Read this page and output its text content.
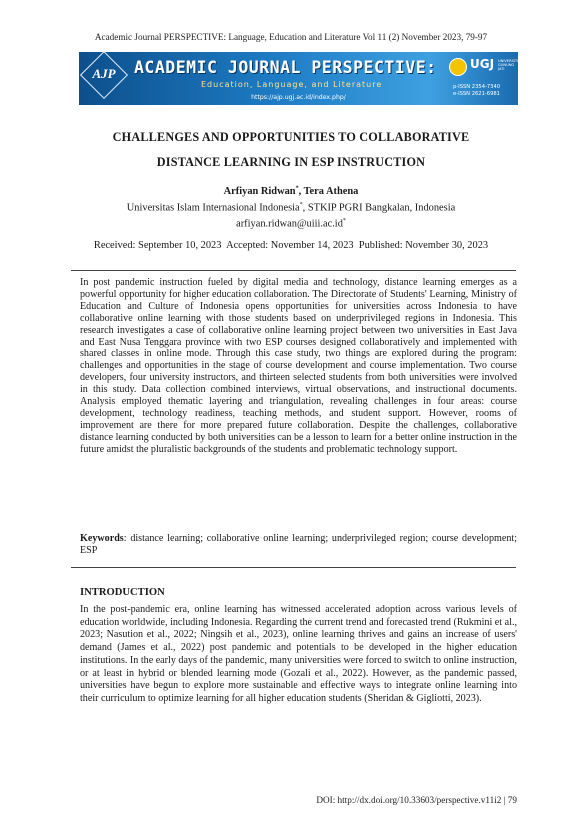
Academic Journal PERSPECTIVE: Language, Education and Literature Vol 11 (2) November 2023, 79-97
AJP ACADEMIC JOURNAL PERSPECTIVE:
Education, Language, and Literature
https://ajp.ugj.ac.id/index.php/
UGJ UNIVERSITAS GUNUNG JATI
p-ISSN 2354-7340
e-ISSN 2621-6981
CHALLENGES AND OPPORTUNITIES TO COLLABORATIVE
DISTANCE LEARNING IN ESP INSTRUCTION
Arfiyan Ridwan*, Tera Athena
Universitas Islam Internasional Indonesia*, STKIP PGRI Bangkalan, Indonesia
arfiyan.ridwan@uiii.ac.id*
Received: September 10, 2023  Accepted: November 14, 2023  Published: November 30, 2023
In post pandemic instruction fueled by digital media and technology, distance learning emerges as a powerful opportunity for higher education collaboration. The Directorate of Students' Learning, Ministry of Education and Culture of Indonesia opens opportunities for universities across Indonesia to have collaborative online learning with those students based on underprivileged regions in Indonesia. This research investigates a case of collaborative online learning project between two universities in East Java and East Nusa Tenggara province with two ESP courses designed collaboratively and implemented with shared classes in online mode. Through this case study, two things are explored during the program: challenges and opportunities in the stage of course development and course implementation. Two course developers, four university instructors, and thirteen selected students from both universities were involved in this study. Data collection combined interviews, virtual observations, and instructional documents. Analysis employed thematic layering and triangulation, revealing challenges in four areas: course development, technology readiness, teaching methods, and student support. However, rooms of improvement are there for more prepared future collaboration. Despite the challenges, collaborative distance learning conducted by both universities can be a lesson to learn for a better online instruction in the future amidst the pluralistic backgrounds of the students and problematic technology support.
Keywords: distance learning; collaborative online learning; underprivileged region; course development; ESP
INTRODUCTION
In the post-pandemic era, online learning has witnessed accelerated adoption across various levels of education worldwide, including Indonesia. Regarding the current trend and forecasted trend (Rukmini et al., 2023; Nasution et al., 2022; Ningsih et al., 2023), online learning thrives and gains an increase of users' demand (James et al., 2022) post pandemic and potentials to be developed in the higher education institutions. In the early days of the pandemic, many universities were forced to switch to online instruction, or at least in hybrid or blended learning mode (Gozali et al., 2022). However, as the pandemic passed, universities have begun to explore more sustainable and effective ways to integrate online learning into their curriculum to optimize learning for all higher education students (Sheridan & Gigliotti, 2023).
DOI: http://dx.doi.org/10.33603/perspective.v11i2 | 79
